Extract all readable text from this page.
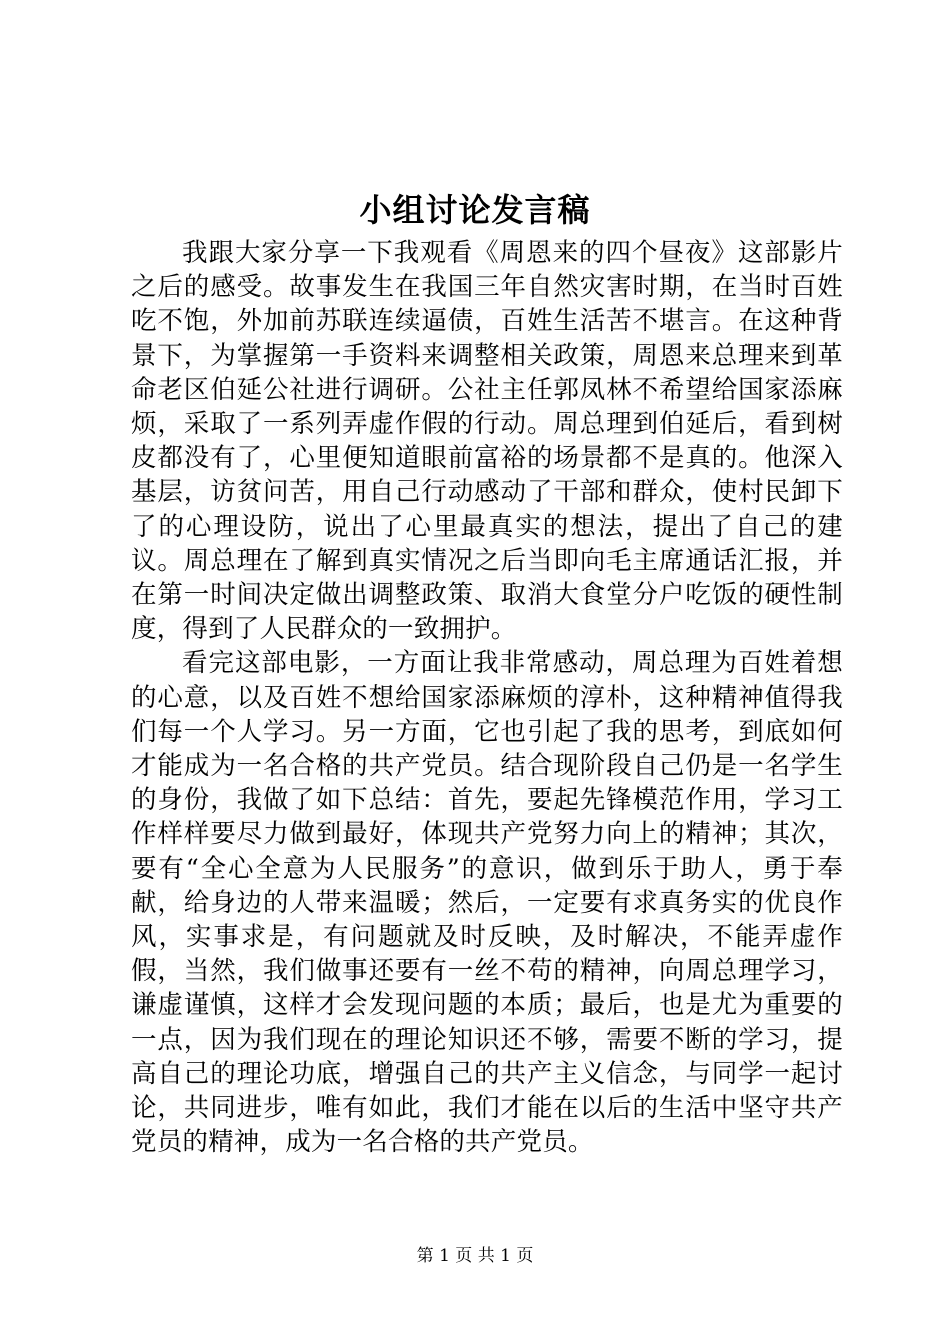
小组讨论发言稿

我跟大家分享一下我观看《周恩来的四个昼夜》这部影片之后的感受。故事发生在我国三年自然灾害时期，在当时百姓吃不饱，外加前苏联连续逼债，百姓生活苦不堪言。在这种背景下，为掌握第一手资料来调整相关政策，周恩来总理来到革命老区伯延公社进行调研。公社主任郭凤林不希望给国家添麻烦，采取了一系列弄虚作假的行动。周总理到伯延后，看到树皮都没有了，心里便知道眼前富裕的场景都不是真的。他深入基层，访贫问苦，用自己行动感动了干部和群众，使村民卸下了的心理设防，说出了心里最真实的想法，提出了自己的建议。周总理在了解到真实情况之后当即向毛主席通话汇报，并在第一时间决定做出调整政策、取消大食堂分户吃饭的硬性制度，得到了人民群众的一致拥护。

看完这部电影，一方面让我非常感动，周总理为百姓着想的心意，以及百姓不想给国家添麻烦的淳朴，这种精神值得我们每一个人学习。另一方面，它也引起了我的思考，到底如何才能成为一名合格的共产党员。结合现阶段自己仍是一名学生的身份，我做了如下总结：首先，要起先锋模范作用，学习工作样样要尽力做到最好，体现共产党努力向上的精神；其次，要有“全心全意为人民服务”的意识，做到乐于助人，勇于奉献，给身边的人带来温暖；然后，一定要有求真务实的优良作风，实事求是，有问题就及时反映，及时解决，不能弄虚作假，当然，我们做事还要有一丝不苟的精神，向周总理学习，谦虚谨慎，这样才会发现问题的本质；最后，也是尤为重要的一点，因为我们现在的理论知识还不够，需要不断的学习，提高自己的理论功底，增强自己的共产主义信念，与同学一起讨论，共同进步，唯有如此，我们才能在以后的生活中坚守共产党员的精神，成为一名合格的共产党员。

第 1 页 共 1 页
